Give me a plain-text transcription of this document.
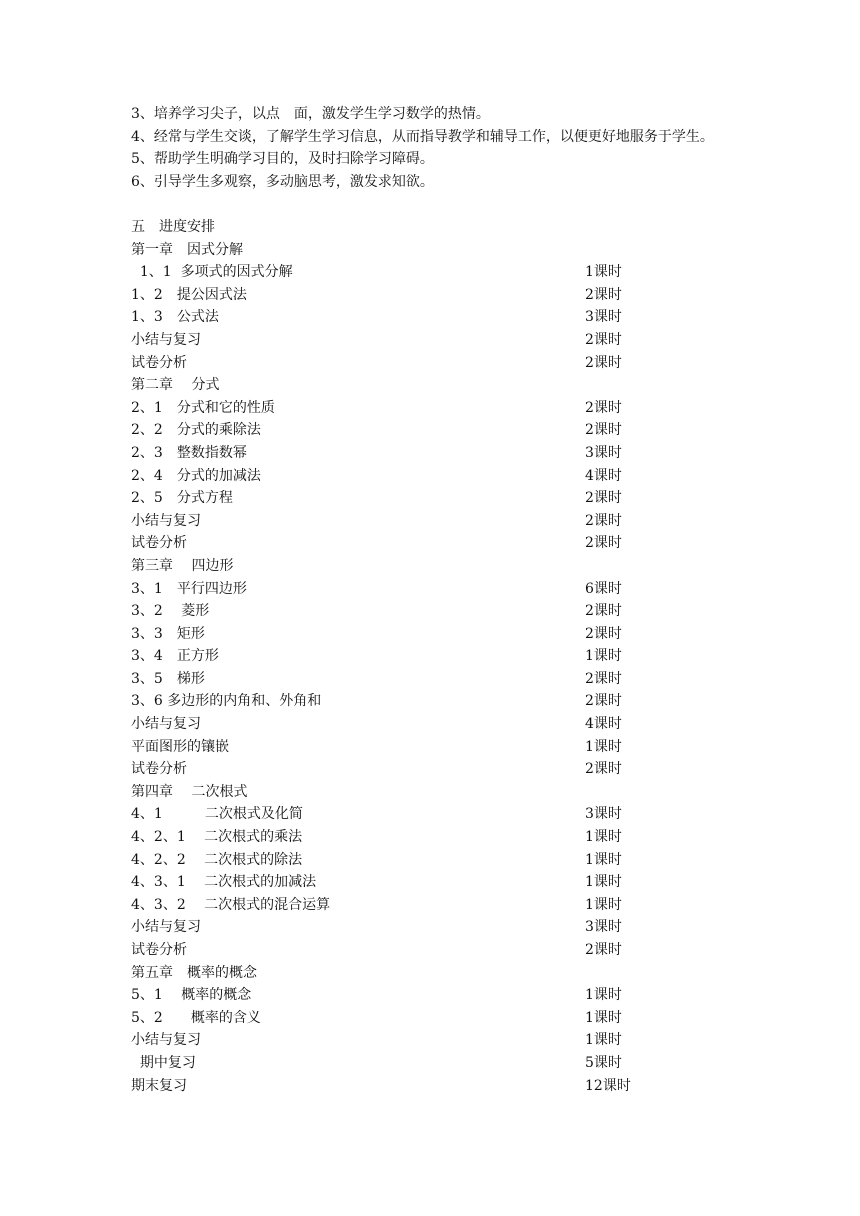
3、培养学习尖子，以点　面，激发学生学习数学的热情。

4、经常与学生交谈，了解学生学习信息，从而指导教学和辅导工作，以便更好地服务于学生。

5、帮助学生明确学习目的，及时扫除学习障碍。

6、引导学生多观察，多动脑思考，激发求知欲。

五　进度安排
第一章　因式分解
1、1  多项式的因式分解	1课时
1、2　提公因式法	2课时
1、3　公式法	3课时
小结与复习	2课时
试卷分析	2课时
第二章　 分式
2、1　分式和它的性质	2课时
2、2　分式的乘除法	2课时
2、3　整数指数幂	3课时
2、4　分式的加减法	4课时
2、5　分式方程	2课时
小结与复习	2课时
试卷分析	2课时
第三章　 四边形
3、1　平行四边形	6课时
3、2　 菱形	2课时
3、3　矩形	2课时
3、4　正方形	1课时
3、5　梯形	2课时
3、6 多边形的内角和、外角和	2课时
小结与复习	4课时
平面图形的镶嵌	1课时
试卷分析	2课时
第四章　 二次根式
4、1　　　二次根式及化简	3课时
4、2、1　 二次根式的乘法	1课时
4、2、2　 二次根式的除法	1课时
4、3、1　 二次根式的加减法	1课时
4、3、2　 二次根式的混合运算	1课时
小结与复习	3课时
试卷分析	2课时
第五章　概率的概念
5、1　 概率的概念	1课时
5、2　　概率的含义	1课时
小结与复习	1课时
期中复习	5课时
期末复习	12课时
